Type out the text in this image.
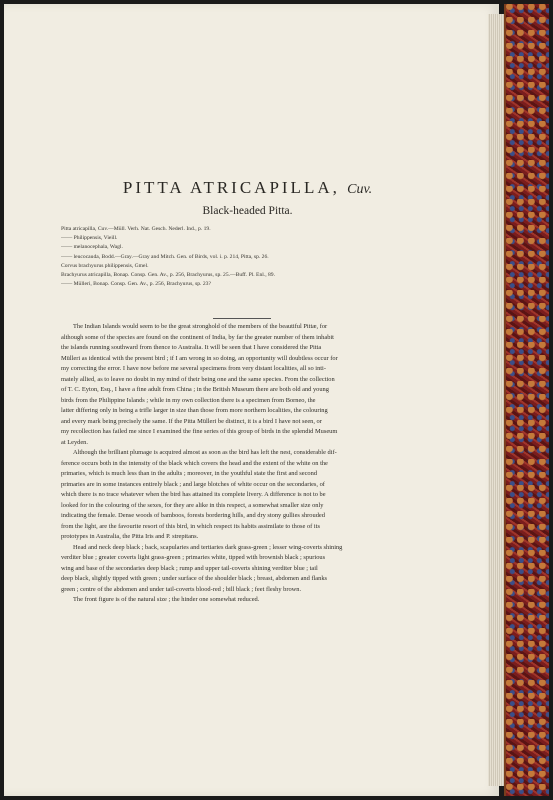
PITTA ATRICAPILLA, Cuv.
Black-headed Pitta.
Pitta atricapilla, Cuv.—Müll. Verh. Nat. Gesch. Nederl. Ind., p. 19.
—— Philippensis, Vieill.
—— melanocephala, Wagl.
—— leucocauda, Bodd.—Gray.—Gray and Mitch. Gen. of Birds, vol. i. p. 214, Pitta, sp. 26.
Corvus brachyurus philippensis, Gmel.
Brachyurus atricapilla, Bonap. Consp. Gen. Av., p. 256, Brachyurus, sp. 25.—Buff. Pl. Enl., 89.
—— Mülleri, Bonap. Consp. Gen. Av., p. 256, Brachyurus, sp. 23?
The Indian Islands would seem to be the great stronghold of the members of the beautiful Pittæ, for
although some of the species are found on the continent of India, by far the greater number of them inhabit
the islands running southward from thence to Australia. It will be seen that I have considered the Pitta
Mülleri as identical with the present bird ; if I am wrong in so doing, an opportunity will doubtless occur for
my correcting the error. I have now before me several specimens from very distant localities, all so inti-
mately allied, as to leave no doubt in my mind of their being one and the same species. From the collection
of T. C. Eyton, Esq., I have a fine adult from China ; in the British Museum there are both old and young
birds from the Philippine Islands ; while in my own collection there is a specimen from Borneo, the
latter differing only in being a trifle larger in size than those from more northern localities, the colouring
and every mark being precisely the same. If the Pitta Mülleri be distinct, it is a bird I have not seen, or
my recollection has failed me since I examined the fine series of this group of birds in the splendid Museum
at Leyden.
Although the brilliant plumage is acquired almost as soon as the bird has left the nest, considerable dif-
ference occurs both in the intensity of the black which covers the head and the extent of the white on the
primaries, which is much less than in the adults ; moreover, in the youthful state the first and second
primaries are in some instances entirely black ; and large blotches of white occur on the secondaries, of
which there is no trace whatever when the bird has attained its complete livery. A difference is not to be
looked for in the colouring of the sexes, for they are alike in this respect, a somewhat smaller size only
indicating the female. Dense woods of bamboos, forests bordering hills, and dry stony gullies shrouded
from the light, are the favourite resort of this bird, in which respect its habits assimilate to those of its
prototypes in Australia, the Pitta Iris and P. strepitans.
Head and neck deep black ; back, scapularies and tertiaries dark grass-green ; lesser wing-coverts shining
verditer blue ; greater coverts light grass-green ; primaries white, tipped with brownish black ; spurious
wing and base of the secondaries deep black ; rump and upper tail-coverts shining verditer blue ; tail
deep black, slightly tipped with green ; under surface of the shoulder black ; breast, abdomen and flanks
green ; centre of the abdomen and under tail-coverts blood-red ; bill black ; feet fleshy brown.
The front figure is of the natural size ; the hinder one somewhat reduced.
